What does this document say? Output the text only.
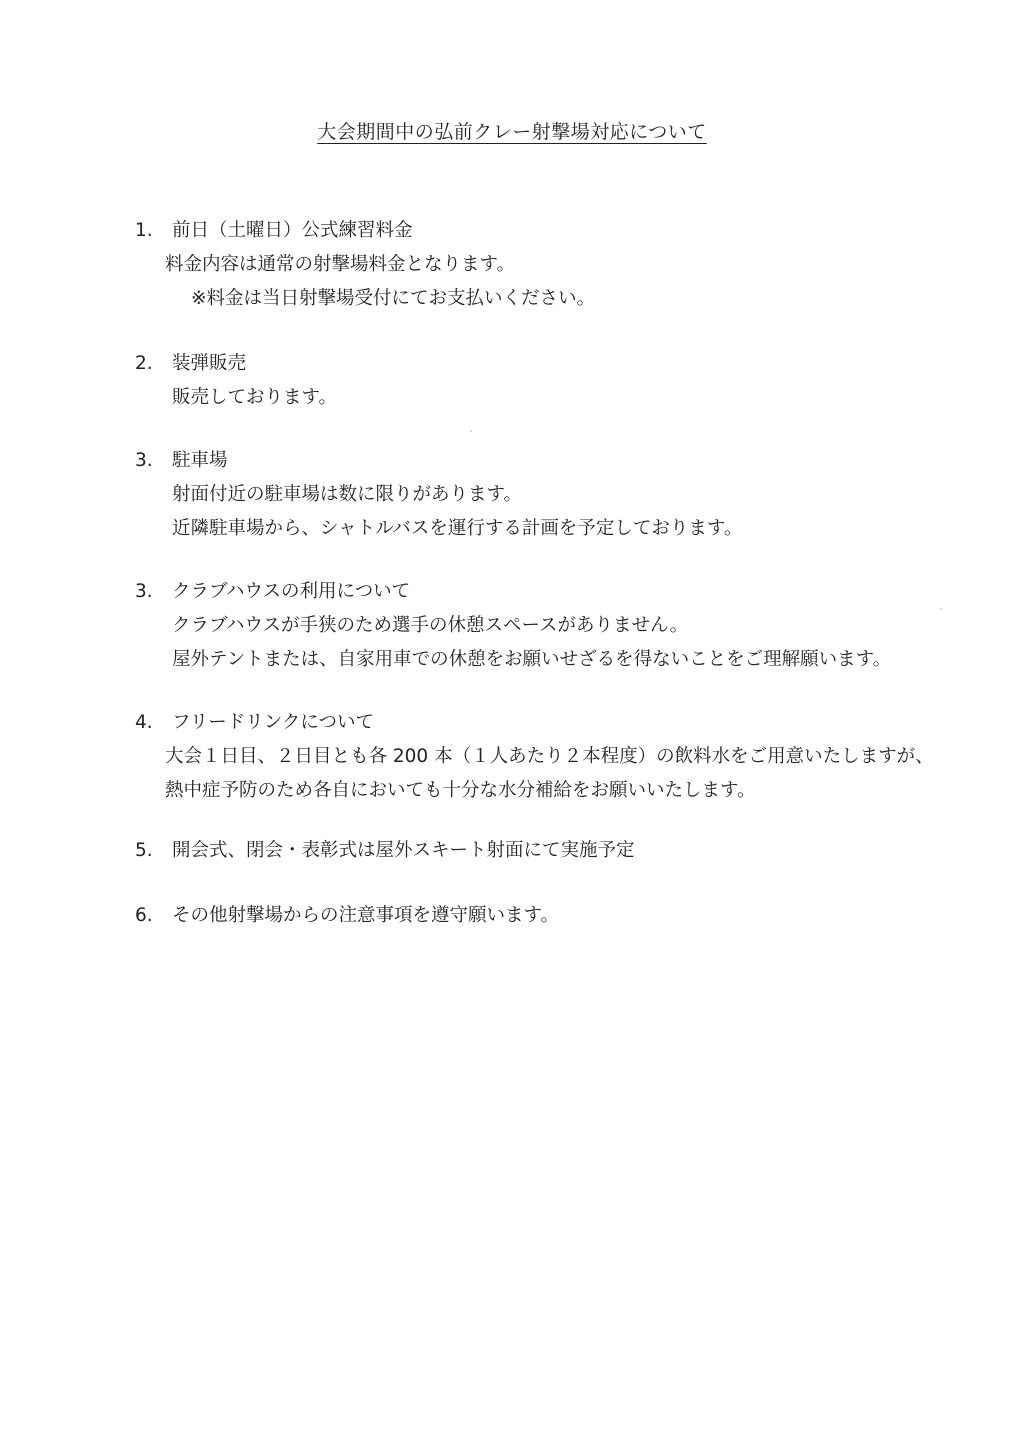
大会期間中の弘前クレー射撃場対応について
1.	前日（土曜日）公式練習料金
料金内容は通常の射撃場料金となります。
※料金は当日射撃場受付にてお支払いください。
2.	装弾販売
販売しております。
3.	駐車場
射面付近の駐車場は数に限りがあります。
近隣駐車場から、シャトルバスを運行する計画を予定しております。
3.	クラブハウスの利用について
クラブハウスが手狭のため選手の休憩スペースがありません。
屋外テントまたは、自家用車での休憩をお願いせざるを得ないことをご理解願います。
4.	フリードリンクについて
大会１日目、２日目とも各 200 本（１人あたり２本程度）の飲料水をご用意いたしますが、
熱中症予防のため各自においても十分な水分補給をお願いいたします。
5.	開会式、閉会・表彰式は屋外スキート射面にて実施予定
6.	その他射撃場からの注意事項を遵守願います。
